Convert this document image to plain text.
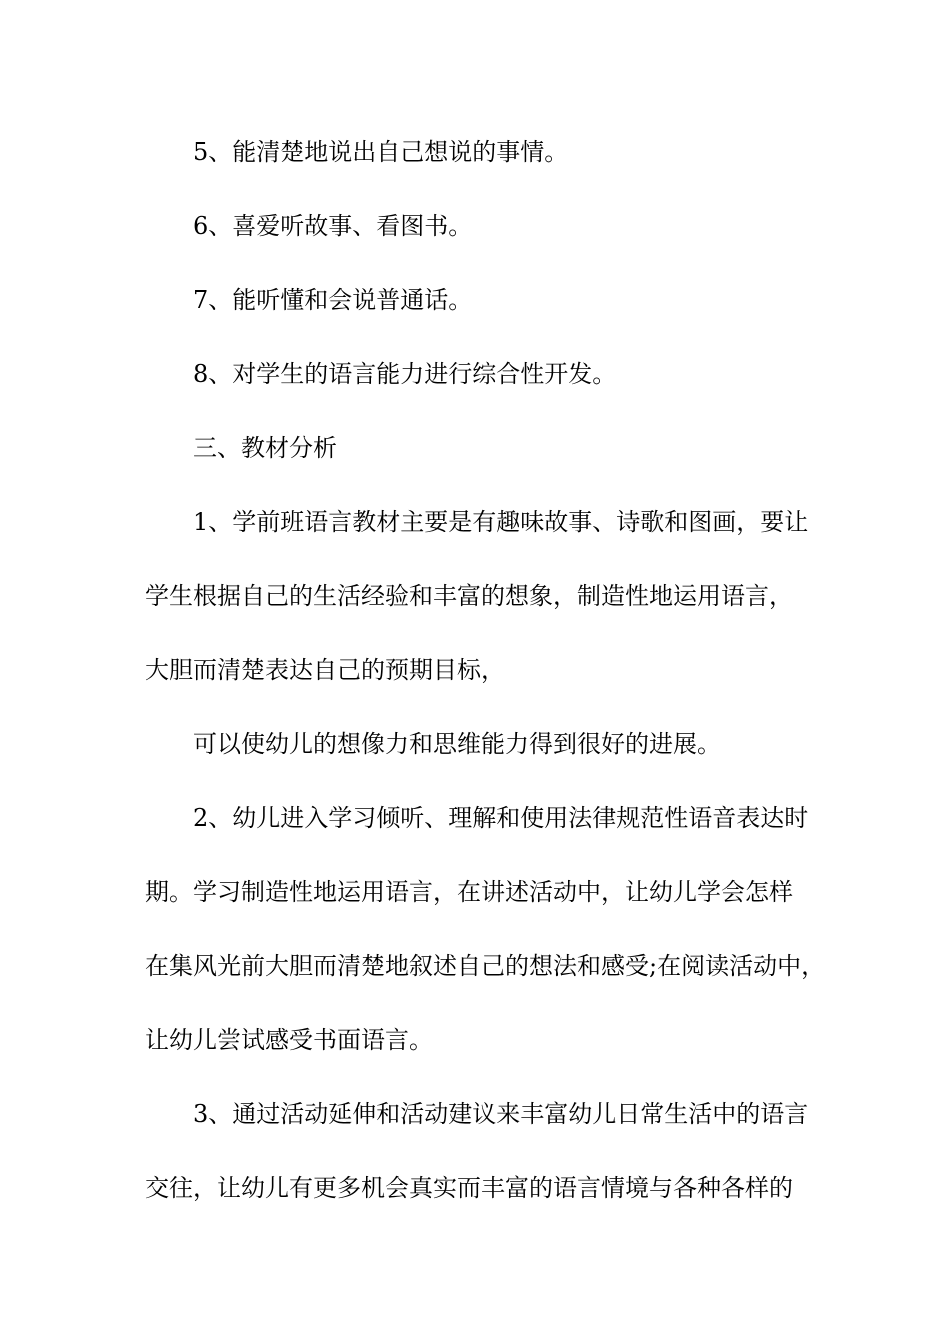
5、能清楚地说出自己想说的事情。
6、喜爱听故事、看图书。
7、能听懂和会说普通话。
8、对学生的语言能力进行综合性开发。
三、教材分析
1、学前班语言教材主要是有趣味故事、诗歌和图画，要让
学生根据自己的生活经验和丰富的想象，制造性地运用语言，
大胆而清楚表达自己的预期目标，
可以使幼儿的想像力和思维能力得到很好的进展。
2、幼儿进入学习倾听、理解和使用法律规范性语音表达时
期。学习制造性地运用语言，在讲述活动中，让幼儿学会怎样
在集风光前大胆而清楚地叙述自己的想法和感受;在阅读活动中，
让幼儿尝试感受书面语言。
3、通过活动延伸和活动建议来丰富幼儿日常生活中的语言
交往，让幼儿有更多机会真实而丰富的语言情境与各种各样的
